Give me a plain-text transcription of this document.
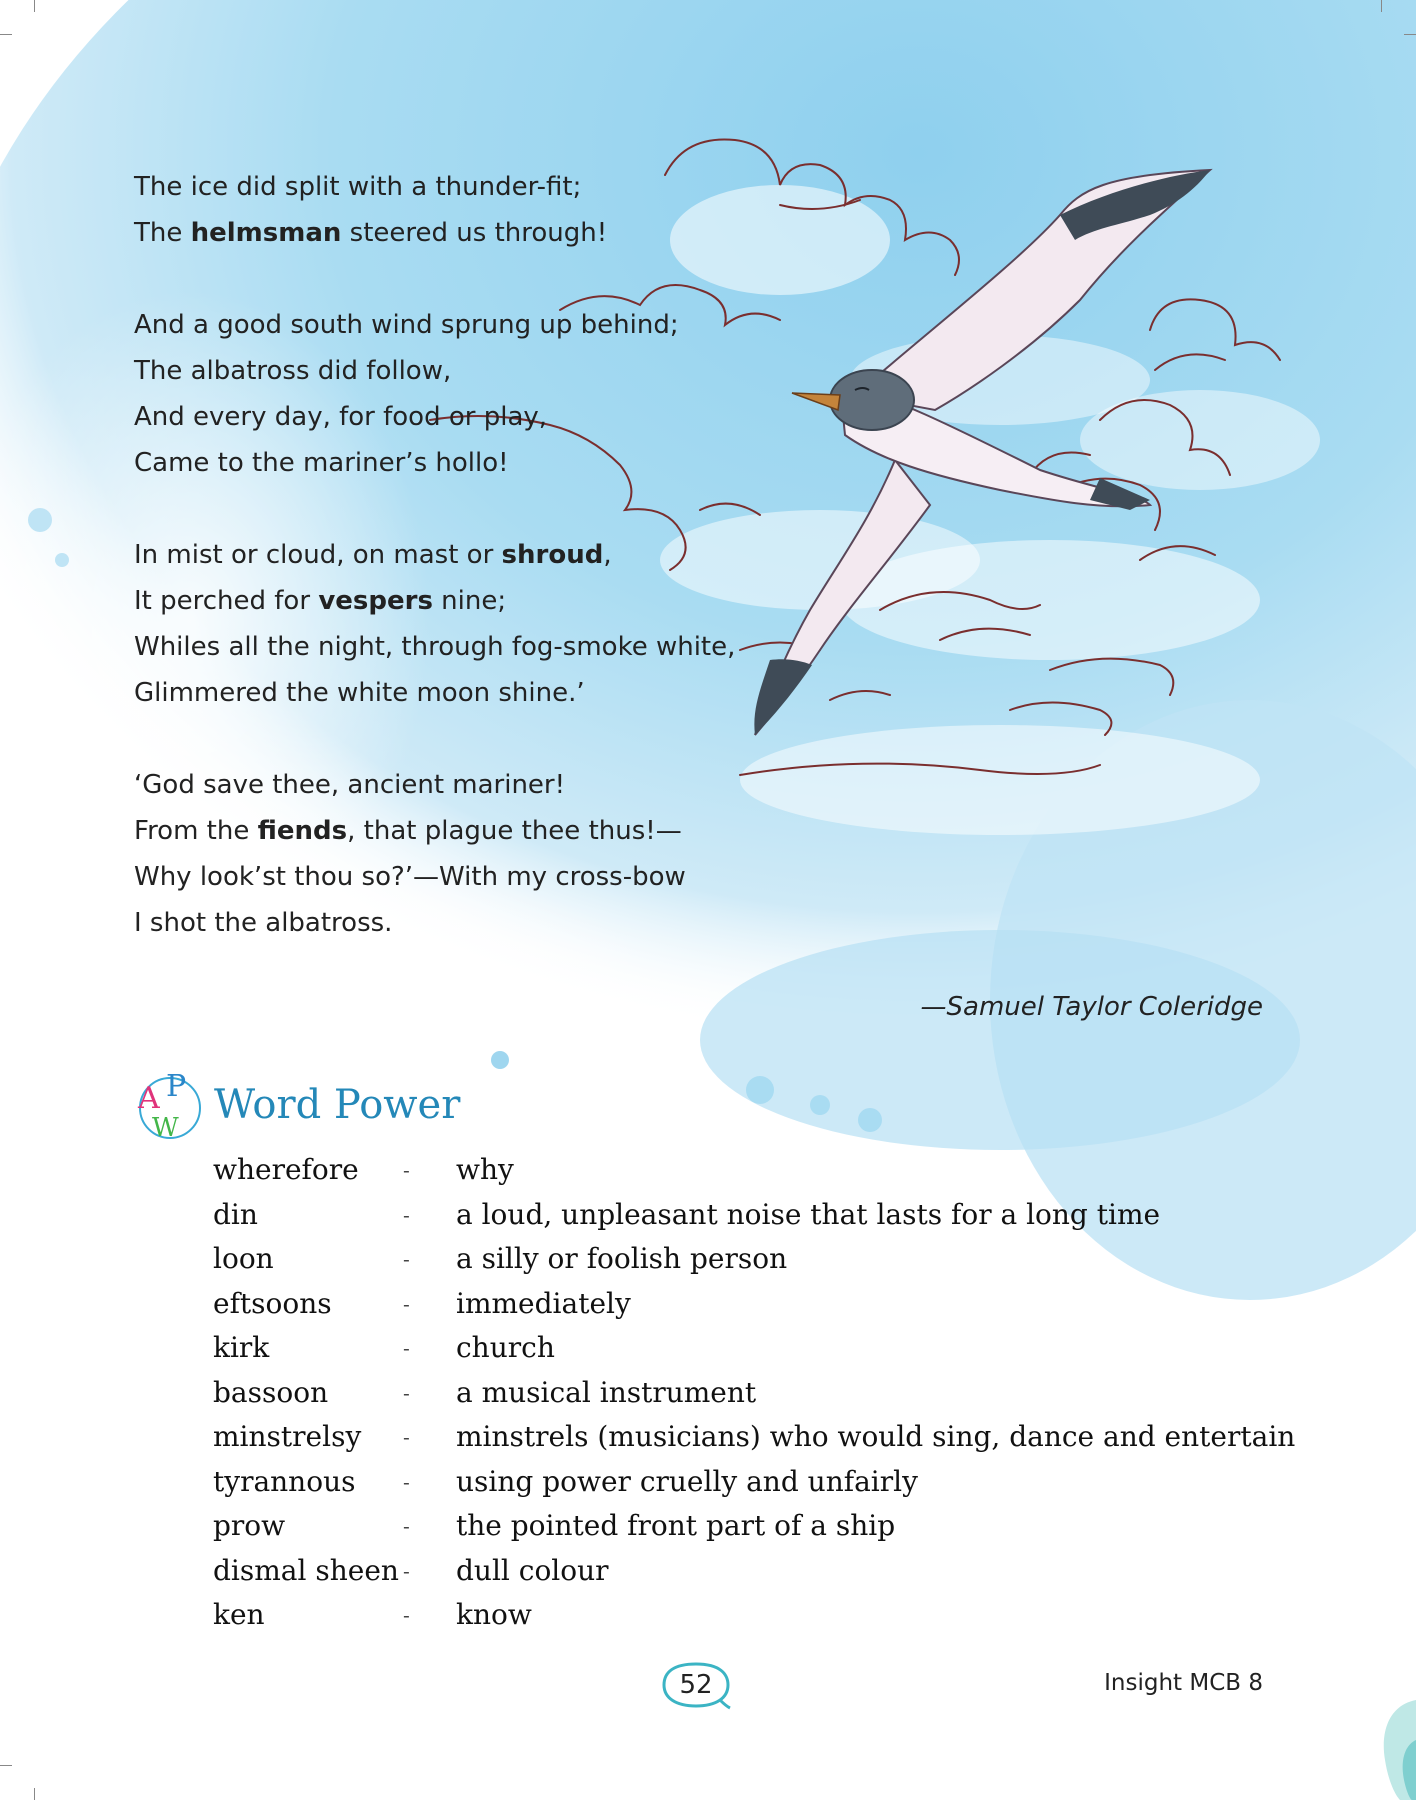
The ice did split with a thunder-fit;
The helmsman steered us through!
And a good south wind sprung up behind;
The albatross did follow,
And every day, for food or play,
Came to the mariner’s hollo!
In mist or cloud, on mast or shroud,
It perched for vespers nine;
Whiles all the night, through fog-smoke white,
Glimmered the white moon shine.’
‘God save thee, ancient mariner!
From the fiends, that plague thee thus!—
Why look’st thou so?’—With my cross-bow
I shot the albatross.
—Samuel Taylor Coleridge
A P
W Word Power
wherefore - why
din	- a loud, unpleasant noise that lasts for a long time
loon	- a silly or foolish person
eftsoons	- immediately
kirk	- church
bassoon	- a musical instrument
minstrelsy - minstrels (musicians) who would sing, dance and entertain
tyrannous - using power cruelly and unfairly
prow	- the pointed front part of a ship
dismal sheen - dull colour
ken	- know
52	Insight MCB 8
